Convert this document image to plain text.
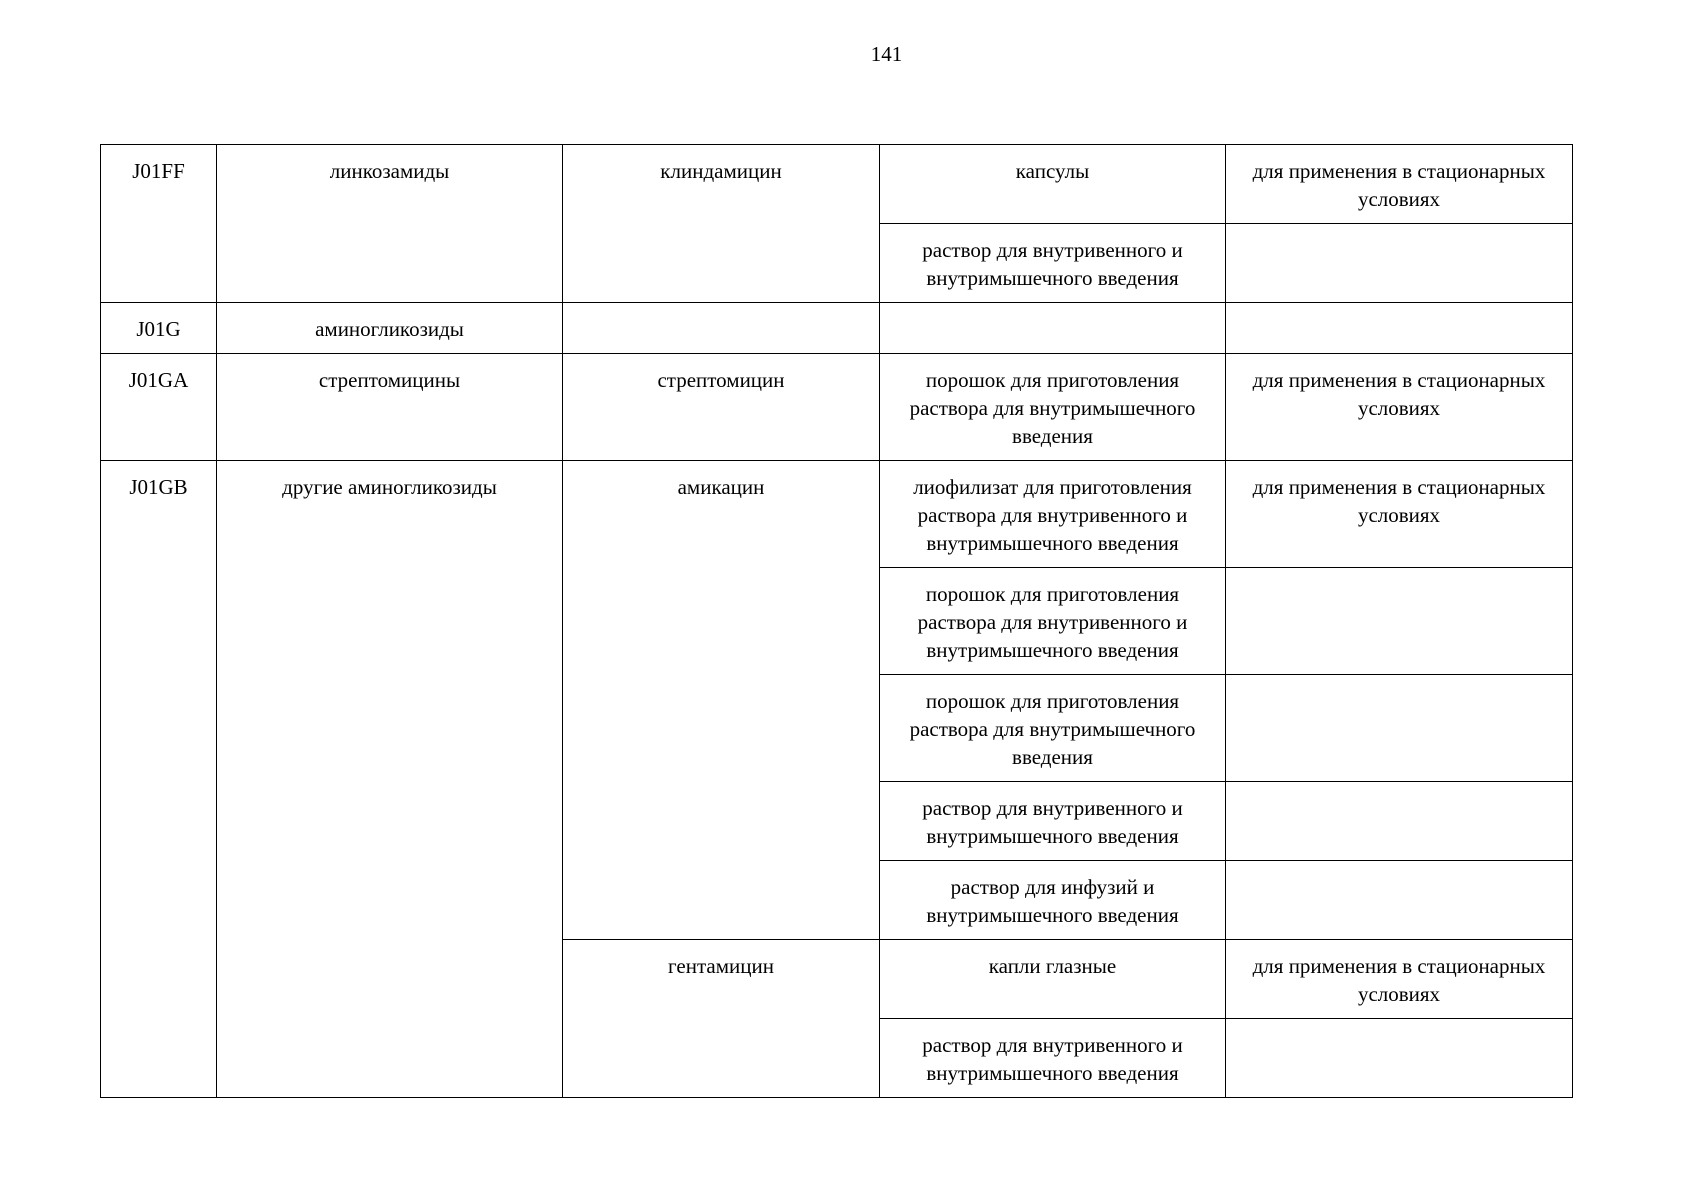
141
J01FF	линкозамиды	клиндамицин	капсулы	для применения в стационарных условиях
			раствор для внутривенного и внутримышечного введения	
J01G	аминогликозиды			
J01GA	стрептомицины	стрептомицин	порошок для приготовления раствора для внутримышечного введения	для применения в стационарных условиях
J01GB	другие аминогликозиды	амикацин	лиофилизат для приготовления раствора для внутривенного и внутримышечного введения	для применения в стационарных условиях
			порошок для приготовления раствора для внутривенного и внутримышечного введения	
			порошок для приготовления раствора для внутримышечного введения	
			раствор для внутривенного и внутримышечного введения	
			раствор для инфузий и внутримышечного введения	
		гентамицин	капли глазные	для применения в стационарных условиях
			раствор для внутривенного и внутримышечного введения	
